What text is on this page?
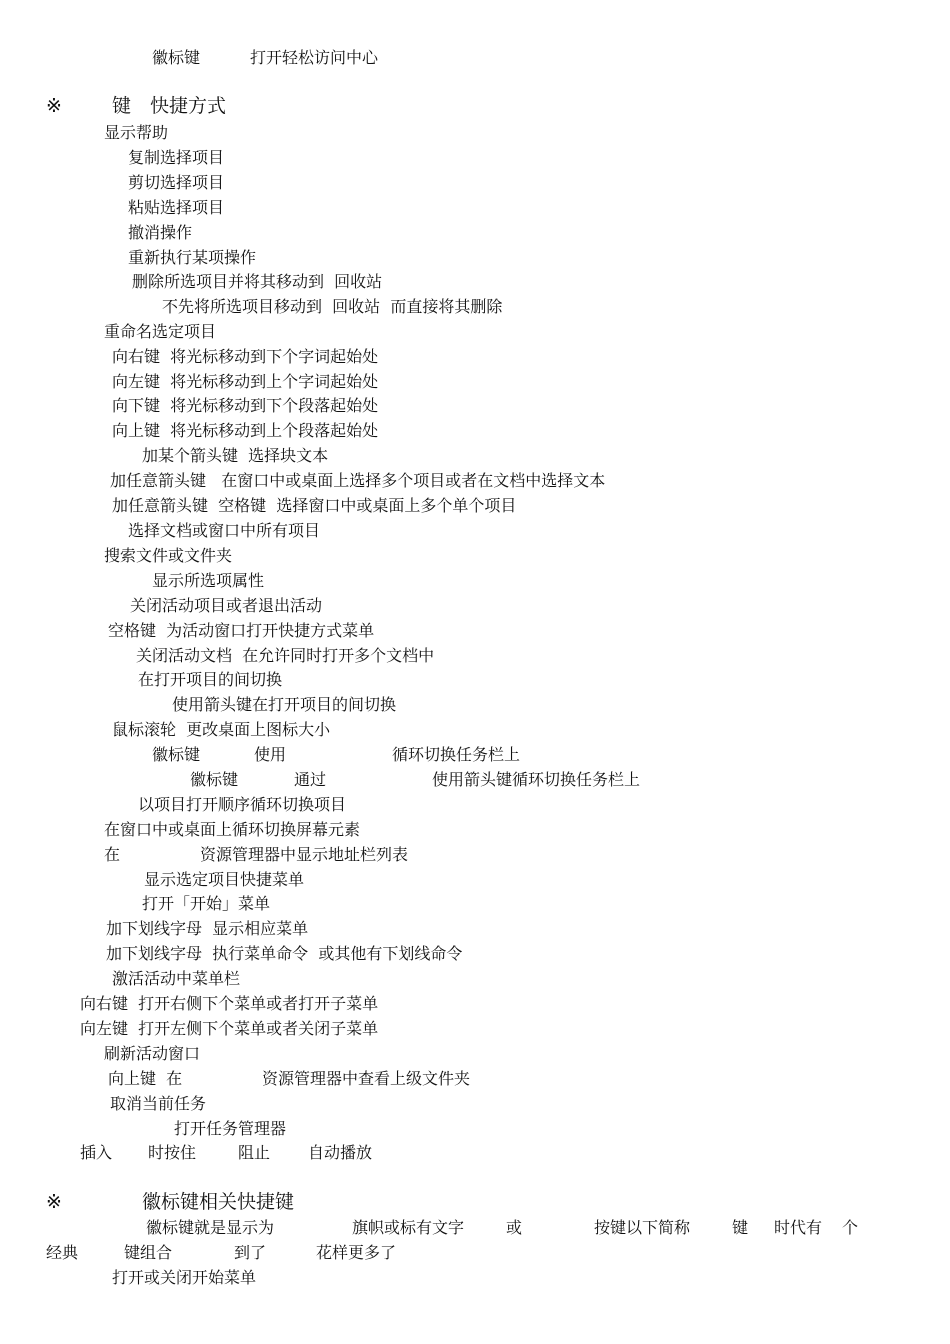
徽标键	打开轻松访问中心
※	键 快捷方式
显示帮助
复制选择项目
剪切选择项目
粘贴选择项目
撤消操作
重新执行某项操作
删除所选项目并将其移动到  回收站
不先将所选项目移动到  回收站  而直接将其删除
重命名选定项目
向右键  将光标移动到下个字词起始处
向左键  将光标移动到上个字词起始处
向下键  将光标移动到下个段落起始处
向上键  将光标移动到上个段落起始处
加某个箭头键  选择块文本
加任意箭头键   在窗口中或桌面上选择多个项目或者在文档中选择文本
加任意箭头键  空格键  选择窗口中或桌面上多个单个项目
选择文档或窗口中所有项目
搜索文件或文件夹
显示所选项属性
关闭活动项目或者退出活动
空格键  为活动窗口打开快捷方式菜单
关闭活动文档  在允许同时打开多个文档中
在打开项目的间切换
使用箭头键在打开项目的间切换
鼠标滚轮  更改桌面上图标大小
徽标键	使用	循环切换任务栏上
徽标键	通过	使用箭头键循环切换任务栏上
以项目打开顺序循环切换项目
在窗口中或桌面上循环切换屏幕元素
在	资源管理器中显示地址栏列表
显示选定项目快捷菜单
打开「开始」菜单
加下划线字母  显示相应菜单
加下划线字母  执行菜单命令  或其他有下划线命令
激活活动中菜单栏
向右键  打开右侧下个菜单或者打开子菜单
向左键  打开左侧下个菜单或者关闭子菜单
刷新活动窗口
向上键  在	资源管理器中查看上级文件夹
取消当前任务
打开任务管理器
插入 时按住	阻止 自动播放
※	徽标键相关快捷键
徽标键就是显示为	旗帜或标有文字	或	按键以下简称	键 时代有 个
经典	键组合	到了	花样更多了
打开或关闭开始菜单
